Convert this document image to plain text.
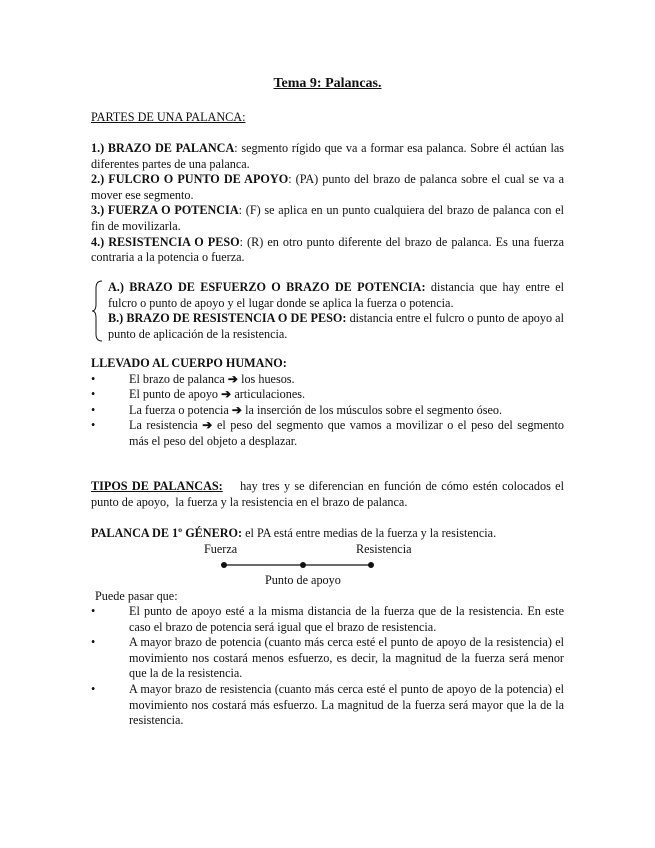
Tema 9: Palancas.
PARTES DE UNA PALANCA:

1.) BRAZO DE PALANCA: segmento rígido que va a formar esa palanca. Sobre él actúan las diferentes partes de una palanca.

2.) FULCRO O PUNTO DE APOYO: (PA) punto del brazo de palanca sobre el cual se va a mover ese segmento.

3.) FUERZA O POTENCIA: (F) se aplica en un punto cualquiera del brazo de palanca con el fin de movilizarla.

4.) RESISTENCIA O PESO: (R) en otro punto diferente del brazo de palanca. Es una fuerza contraria a la potencia o fuerza.

A.) BRAZO DE ESFUERZO O BRAZO DE POTENCIA: distancia que hay entre el fulcro o punto de apoyo y el lugar donde se aplica la fuerza o potencia.

B.) BRAZO DE RESISTENCIA O DE PESO: distancia entre el fulcro o punto de apoyo al punto de aplicación de la resistencia.

LLEVADO AL CUERPO HUMANO:

• El brazo de palanca ➔ los huesos.
• El punto de apoyo ➔ articulaciones.
• La fuerza o potencia ➔ la inserción de los músculos sobre el segmento óseo.
• La resistencia ➔ el peso del segmento que vamos a movilizar o el peso del segmento más el peso del objeto a desplazar.

TIPOS DE PALANCAS:    hay tres y se diferencian en función de cómo estén colocados el punto de apoyo,  la fuerza y la resistencia en el brazo de palanca.

PALANCA DE 1º GÉNERO: el PA está entre medias de la fuerza y la resistencia.

Fuerza	Resistencia
Punto de apoyo

Puede pasar que:

• El punto de apoyo esté a la misma distancia de la fuerza que de la resistencia. En este caso el brazo de potencia será igual que el brazo de resistencia.
• A mayor brazo de potencia (cuanto más cerca esté el punto de apoyo de la resistencia) el movimiento nos costará menos esfuerzo, es decir, la magnitud de la fuerza será menor que la de la resistencia.
• A mayor brazo de resistencia (cuanto más cerca esté el punto de apoyo de la potencia) el movimiento nos costará más esfuerzo. La magnitud de la fuerza será mayor que la de la resistencia.
